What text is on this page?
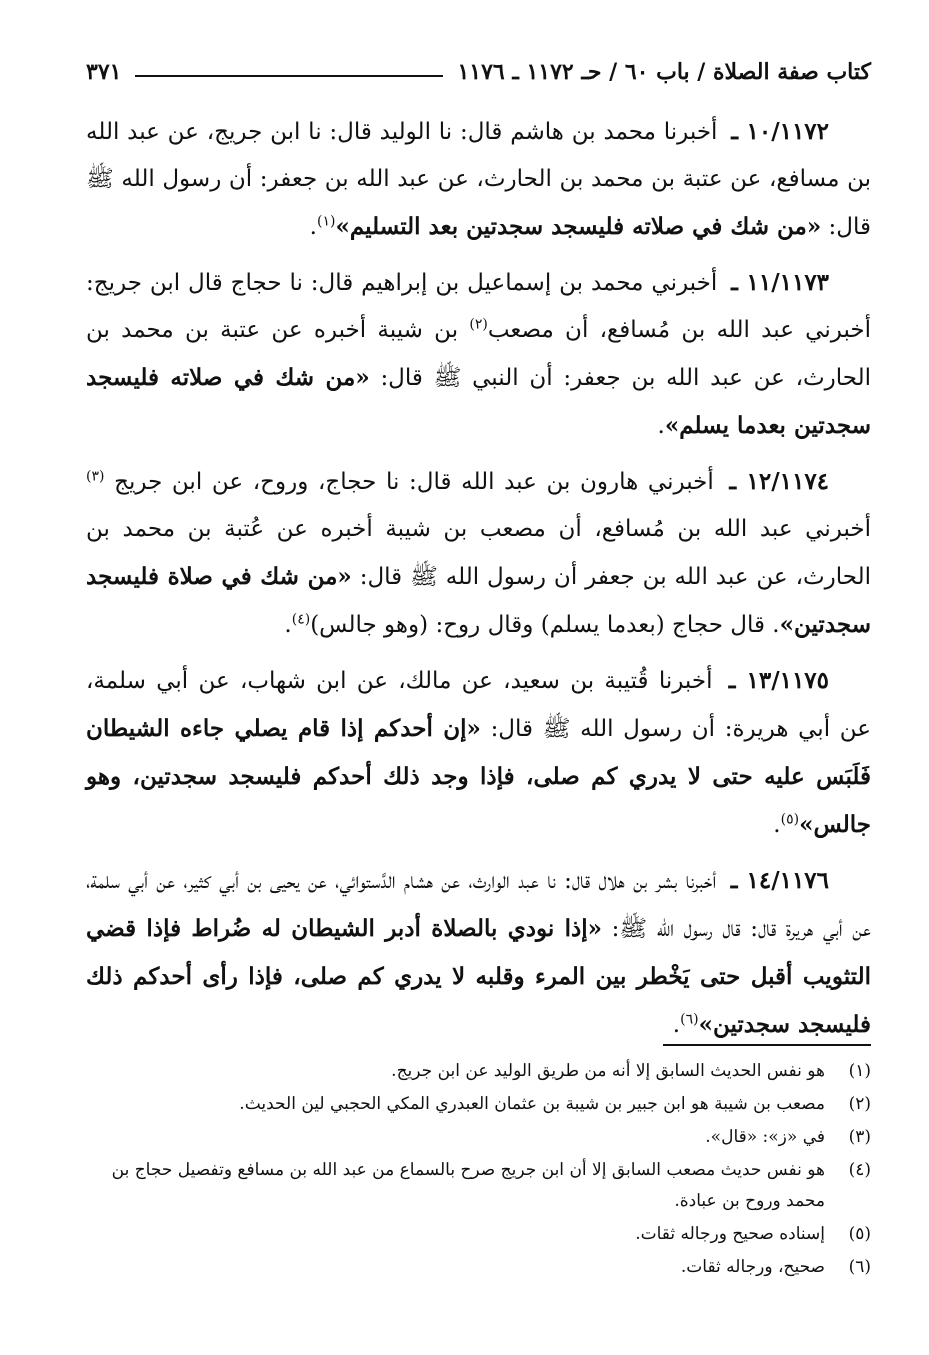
كتاب صفة الصلاة / باب ٦٠ / حـ ١١٧٢ ـ ١١٧٦
٣٧١

١٠/١١٧٢ ـ أخبرنا محمد بن هاشم قال: نا الوليد قال: نا ابن جريج، عن عبد الله بن مسافع، عن عتبة بن محمد بن الحارث، عن عبد الله بن جعفر: أن رسول الله ﷺ قال: «من شك في صلاته فليسجد سجدتين بعد التسليم»$^{(١)}$.

١١/١١٧٣ ـ أخبرني محمد بن إسماعيل بن إبراهيم قال: نا حجاج قال ابن جريج: أخبرني عبد الله بن مُسافع، أن مصعب$^{(٢)}$ بن شيبة أخبره عن عتبة بن محمد بن الحارث، عن عبد الله بن جعفر: أن النبي ﷺ قال: «من شك في صلاته فليسجد سجدتين بعدما يسلم».

١٢/١١٧٤ ـ أخبرني هارون بن عبد الله قال: نا حجاج، وروح، عن ابن جريج $^{(٣)}$ أخبرني عبد الله بن مُسافع، أن مصعب بن شيبة أخبره عن عُتبة بن محمد بن الحارث، عن عبد الله بن جعفر أن رسول الله ﷺ قال: «من شك في صلاة فليسجد سجدتين». قال حجاج (بعدما يسلم) وقال روح: (وهو جالس)$^{(٤)}$.

١٣/١١٧٥ ـ أخبرنا قُتيبة بن سعيد، عن مالك، عن ابن شهاب، عن أبي سلمة، عن أبي هريرة: أن رسول الله ﷺ قال: «إن أحدكم إذا قام يصلي جاءه الشيطان فَلَبَس عليه حتى لا يدري كم صلى، فإذا وجد ذلك أحدكم فليسجد سجدتين، وهو جالس»$^{(٥)}$.

١٤/١١٧٦ ـ أخبرنا بشر بن هلال قال: نا عبد الوارث، عن هشام الدَّستوائي، عن يحيى بن أبي كثير، عن أبي سلمة، عن أبي هريرة قال: قال رسول الله ﷺ: «إذا نودي بالصلاة أدبر الشيطان له ضُراط فإذا قضي التثويب أقبل حتى يَخْطر بين المرء وقلبه لا يدري كم صلى، فإذا رأى أحدكم ذلك فليسجد سجدتين»$^{(٦)}$.

(١)
هو نفس الحديث السابق إلا أنه من طريق الوليد عن ابن جريج.
(٢)
مصعب بن شيبة هو ابن جبير بن شيبة بن عثمان العبدري المكي الحجبي لين الحديث.
(٣)
في «ز»: «قال».
(٤)
هو نفس حديث مصعب السابق إلا أن ابن جريج صرح بالسماع من عبد الله بن مسافع وتفصيل حجاج بن محمد وروح بن عبادة.
(٥)
إسناده صحيح ورجاله ثقات.
(٦)
صحيح، ورجاله ثقات.
